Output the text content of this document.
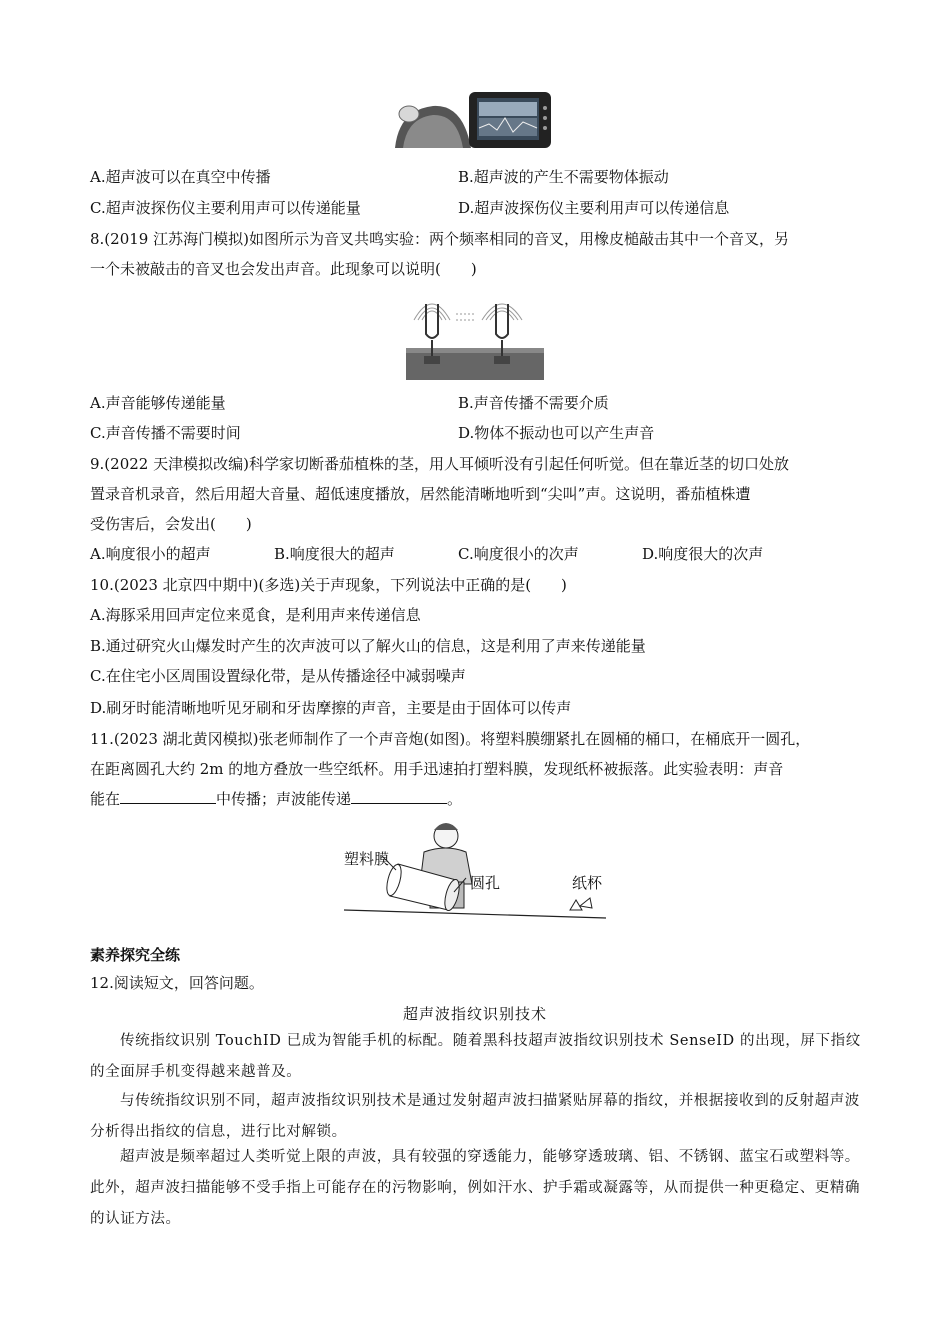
A.超声波可以在真空中传播	B.超声波的产生不需要物体振动
C.超声波探伤仪主要利用声可以传递能量	D.超声波探伤仪主要利用声可以传递信息
8.(2019 江苏海门模拟)如图所示为音叉共鸣实验：两个频率相同的音叉，用橡皮槌敲击其中一个音叉，另
一个未被敲击的音叉也会发出声音。此现象可以说明(　　)
A.声音能够传递能量	B.声音传播不需要介质
C.声音传播不需要时间	D.物体不振动也可以产生声音
9.(2022 天津模拟改编)科学家切断番茄植株的茎，用人耳倾听没有引起任何听觉。但在靠近茎的切口处放
置录音机录音，然后用超大音量、超低速度播放，居然能清晰地听到“尖叫”声。这说明，番茄植株遭
受伤害后，会发出(　　)
A.响度很小的超声	B.响度很大的超声	C.响度很小的次声	D.响度很大的次声
10.(2023 北京四中期中)(多选)关于声现象，下列说法中正确的是(　　)
A.海豚采用回声定位来觅食，是利用声来传递信息
B.通过研究火山爆发时产生的次声波可以了解火山的信息，这是利用了声来传递能量
C.在住宅小区周围设置绿化带，是从传播途径中减弱噪声
D.刷牙时能清晰地听见牙刷和牙齿摩擦的声音，主要是由于固体可以传声
11.(2023 湖北黄冈模拟)张老师制作了一个声音炮(如图)。将塑料膜绷紧扎在圆桶的桶口，在桶底开一圆孔，
在距离圆孔大约 2m 的地方叠放一些空纸杯。用手迅速拍打塑料膜，发现纸杯被振落。此实验表明：声音
能在	中传播；声波能传递	。
塑料膜
圆孔	纸杯
素养探究全练
12.阅读短文，回答问题。
超声波指纹识别技术
传统指纹识别 TouchID 已成为智能手机的标配。随着黑科技超声波指纹识别技术 SenseID 的出现，屏下指纹的全面屏手机变得越来越普及。
与传统指纹识别不同，超声波指纹识别技术是通过发射超声波扫描紧贴屏幕的指纹，并根据接收到的反射超声波分析得出指纹的信息，进行比对解锁。
超声波是频率超过人类听觉上限的声波，具有较强的穿透能力，能够穿透玻璃、铝、不锈钢、蓝宝石或塑料等。此外，超声波扫描能够不受手指上可能存在的污物影响，例如汗水、护手霜或凝露等，从而提供一种更稳定、更精确的认证方法。
